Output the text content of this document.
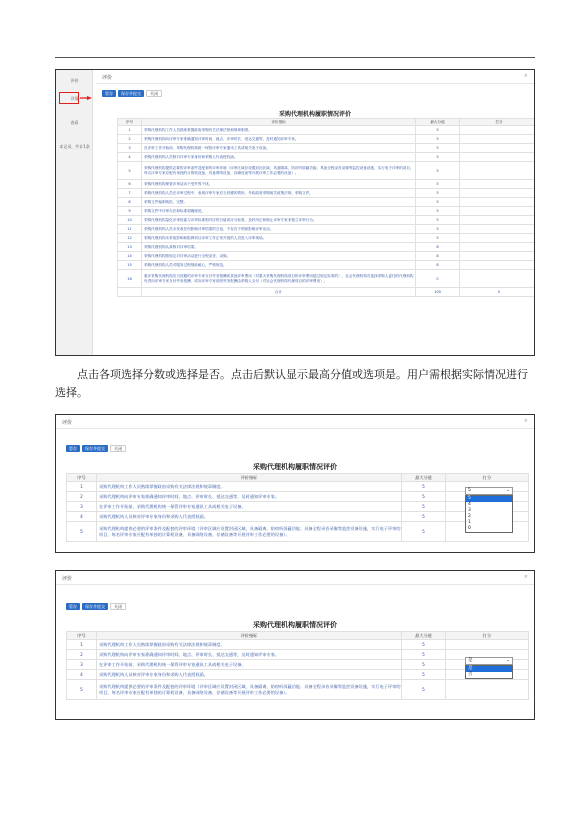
评价
详情
查看
本记录，共计1条
评价	×
暂存	保存并提交	关闭
采购代理机构履职情况评价
序号	评价指标	最大分值	打分
1	采购代理机构工作人员熟练掌握政府采购有关法律法规和规章制度。	5	
2	采购代理机构向评审专家准确通知评审时间、地点、评审时长、抵达交通等，及时通知评审专家。	5	
3	在评审工作开始前，采购代理机构统一保管评审专家通讯工具或相关电子设备。	5	
4	采购代理机构人员核对评审专家身份和采购人代表授权函。	5	
5	采购代理机构提供必要的评审条件及配套的评审环境（评审区域应设置封闭区域，具备隔离、防窃听屏蔽功能；具备全程录音录像等监控设备设施，实行电子评审的项目，每名评审专家应配有单独的计算机设备，具备网络设备，存储设备等开展评审工作必要的设备）。	5	
6	采购代理机构保管评审活动不受外界干扰。	5	
7	采购代理机构人员在评审过程中，表现评审专家应当回避的情形，介绍政府采购相关政策法规、采购文件。	5	
8	采购文件编制规范、完整。	5	
9	采购文件中评审办法和标准明确规范。	5	
10	采购代理机构量化评审因素与评审标准相对应的分值或评分标准，及时纠正和制止评审专家非独立评审行为。	5	
11	采购代理机构人员未发表任何影响评审结果的言论，不存在干预和影响评审活动。	5	
12	采购代理机构未采取影响和阻碍项目评审工作正常开展的人员进入评审现场。	5	
13	采购代理机构认真核对评审结果。	8	
14	采购代理机构按规定对评审活动进行全程录音、录像。	8	
15	采购代理机构人员对服务过程细致耐心，严格规范。	8	
16	重评采购代理机构应当回避的评审专家支付劳务报酬或其他评审费用（对重大采购代理机构项目的评审费用超过规定标准的），社会代理机构对选择采购人委托的代理机构负责向评审专家支付劳务报酬，或向评审专家说明劳务报酬由采购人支付（对社会代理机构代理项目的评审费用）。	0	
	合计	100	0
点击各项选择分数或选择是否。点击后默认显示最高分值或选项是。用户需根据实际情况进行选择。
评价	×
暂存	保存并提交	关闭
采购代理机构履职情况评价
序号	评价指标	最大分值	打分
1	采购代理机构工作人员熟练掌握政府采购有关法律法规和规章制度。	5	
2	采购代理机构向评审专家准确通知评审时间、地点、评审时长、抵达交通等，及时通知评审专家。	5	
3	在评审工作开始前，采购代理机构统一保管评审专家通讯工具或相关电子设备。	5	
4	采购代理机构人员核对评审专家身份和采购人代表授权函。	5	
5	采购代理机构提供必要的评审条件及配套的评审环境（评审区域应设置封闭区域，具备隔离、防窃听屏蔽功能；具备全程录音录像等监控设备设施，实行电子评审的项目，每名评审专家应配有单独的计算机设备，具备网络设备，存储设备等开展评审工作必要的设备）。	5	
5	⌄
5
4
3
2
1
0
评价	×
暂存	保存并提交	关闭
采购代理机构履职情况评价
序号	评价指标	最大分值	打分
1	采购代理机构工作人员熟练掌握政府采购有关法律法规和规章制度。	5	
2	采购代理机构向评审专家准确通知评审时间、地点、评审时长、抵达交通等，及时通知评审专家。	5	
3	在评审工作开始前，采购代理机构统一保管评审专家通讯工具或相关电子设备。	5	
4	采购代理机构人员核对评审专家身份和采购人代表授权函。	5	
5	采购代理机构提供必要的评审条件及配套的评审环境（评审区域应设置封闭区域，具备隔离、防窃听屏蔽功能；具备全程录音录像等监控设备设施，实行电子评审的项目，每名评审专家应配有单独的计算机设备，具备网络设备，存储设备等开展评审工作必要的设备）。	5	
是	⌄
是
否
